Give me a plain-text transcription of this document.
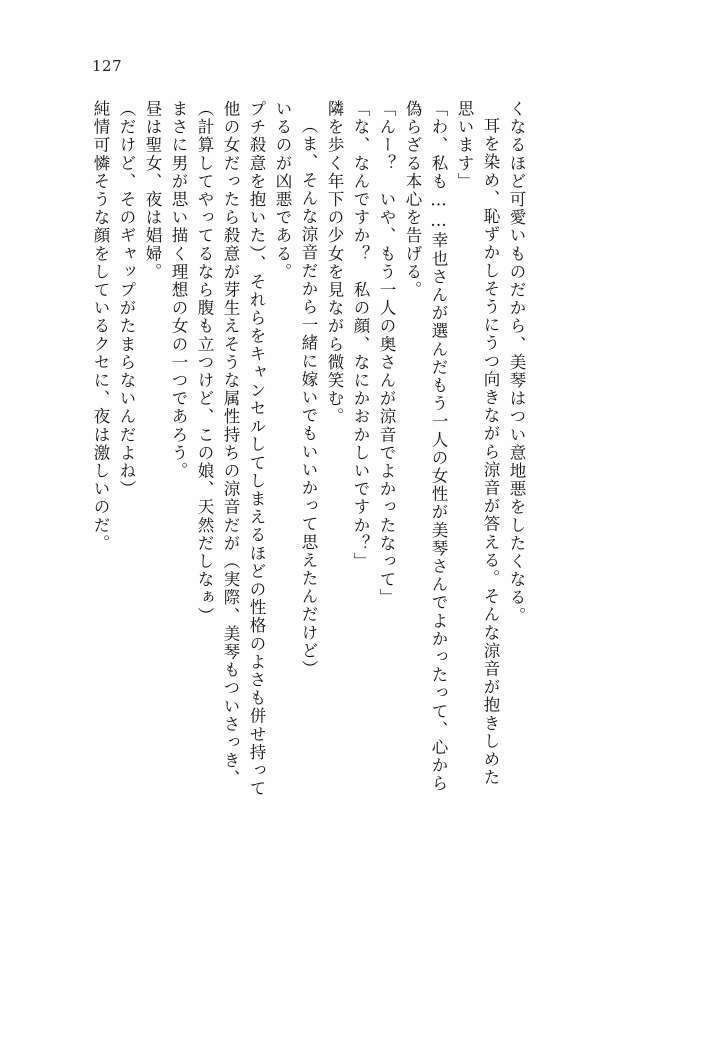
127
純情可憐そうな顔をしているクセに、夜は激しいのだ。 （だけど、そのギャップがたまらないんだよね） 昼は聖女、夜は娼婦。 まさに男が思い描く理想の女の一つであろう。 （計算してやってるなら腹も立つけど、この娘、天然だしなぁ） 他の女だったら殺意が芽生えそうな属性持ちの涼音だが（実際、美琴もついさっき、 プチ殺意を抱いた）、それらをキャンセルしてしまえるほどの性格のよさも併せ持って いるのが凶悪である。 （ま、そんな涼音だから一緒に嫁いでもいいかって思えたんだけど） 隣を歩く年下の少女を見ながら微笑む。 「な、なんですか？　私の顔、なにかおかしいですか？」 「んー？　いや、もう一人の奥さんが涼音でよかったなって」 偽らざる本心を告げる。 「わ、私も……幸也さんが選んだもう一人の女性が美琴さんでよかったって、心から 思います」 耳を染め、恥ずかしそうにうつ向きながら涼音が答える。そんな涼音が抱きしめた くなるほど可愛いものだから、美琴はつい意地悪をしたくなる。
